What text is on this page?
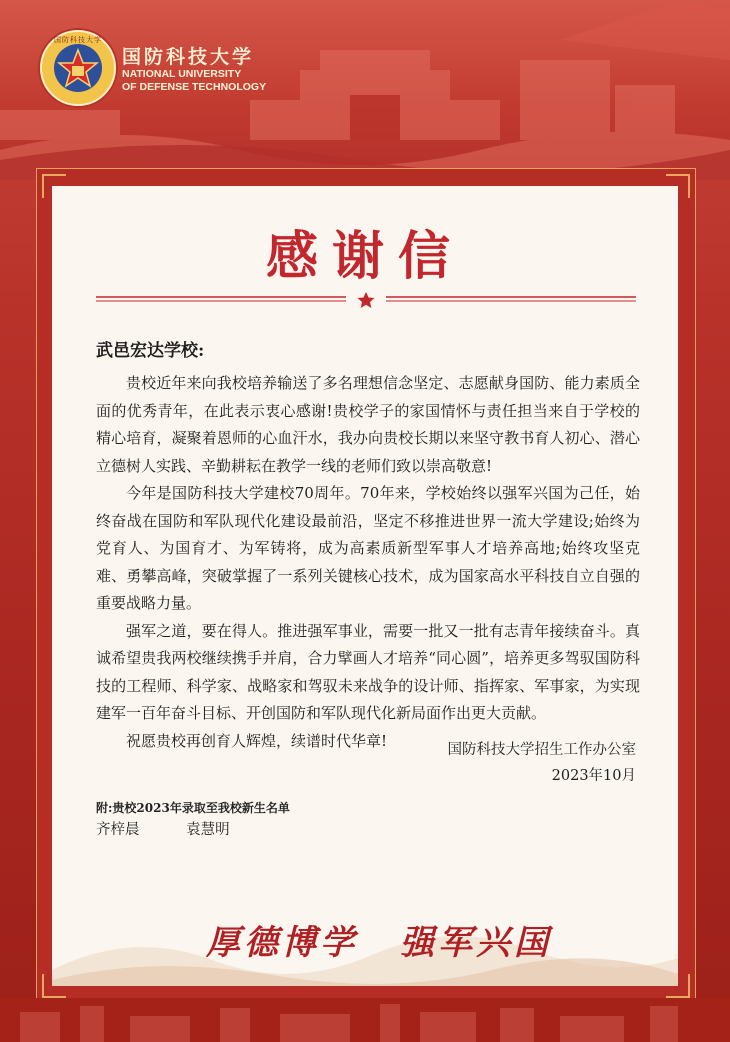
国防科技大学
国防科技大学
NATIONAL UNIVERSITY
OF DEFENSE TECHNOLOGY
感谢信
武邑宏达学校:

贵校近年来向我校培养输送了多名理想信念坚定、志愿献身国防、能力素质全面的优秀青年，在此表示衷心感谢!贵校学子的家国情怀与责任担当来自于学校的精心培育，凝聚着恩师的心血汗水，我办向贵校长期以来坚守教书育人初心、潜心立德树人实践、辛勤耕耘在教学一线的老师们致以崇高敬意!

今年是国防科技大学建校70周年。70年来，学校始终以强军兴国为己任，始终奋战在国防和军队现代化建设最前沿，坚定不移推进世界一流大学建设;始终为党育人、为国育才、为军铸将，成为高素质新型军事人才培养高地;始终攻坚克难、勇攀高峰，突破掌握了一系列关键核心技术，成为国家高水平科技自立自强的重要战略力量。

强军之道，要在得人。推进强军事业，需要一批又一批有志青年接续奋斗。真诚希望贵我两校继续携手并肩，合力擘画人才培养“同心圆”，培养更多驾驭国防科技的工程师、科学家、战略家和驾驭未来战争的设计师、指挥家、军事家，为实现建军一百年奋斗目标、开创国防和军队现代化新局面作出更大贡献。

祝愿贵校再创育人辉煌，续谱时代华章!

国防科技大学招生工作办公室
2023年10月
附:贵校2023年录取至我校新生名单
齐梓晨	袁慧明
厚德博学 强军兴国
